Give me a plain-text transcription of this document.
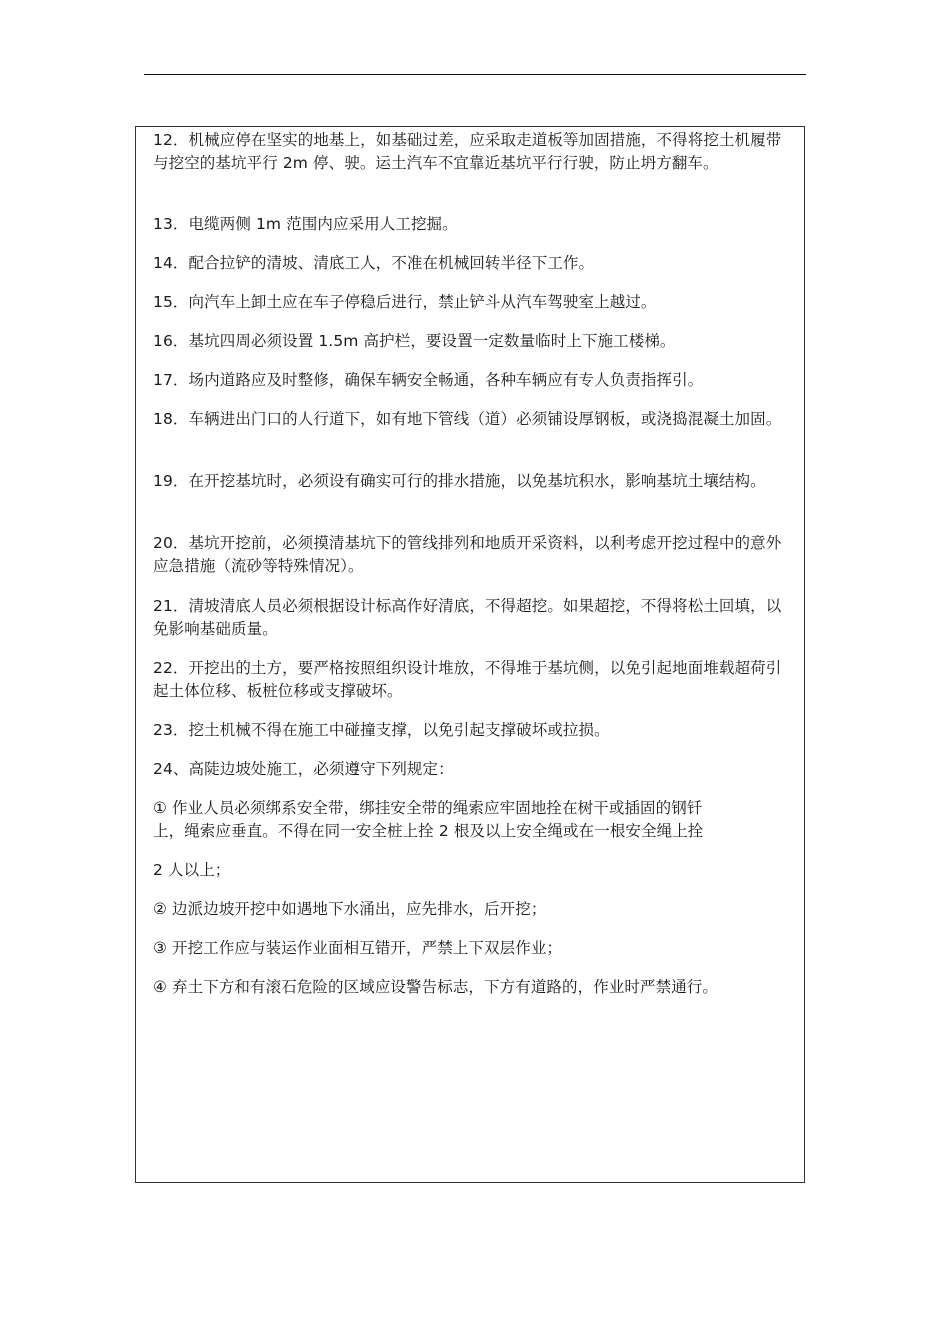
12．机械应停在坚实的地基上，如基础过差，应采取走道板等加固措施，不得将挖土机履带与挖空的基坑平行 2m 停、驶。运土汽车不宜靠近基坑平行行驶，防止坍方翻车。

13．电缆两侧 1m 范围内应采用人工挖掘。

14．配合拉铲的清坡、清底工人，不准在机械回转半径下工作。

15．向汽车上卸土应在车子停稳后进行，禁止铲斗从汽车驾驶室上越过。

16．基坑四周必须设置 1.5m 高护栏，要设置一定数量临时上下施工楼梯。

17．场内道路应及时整修，确保车辆安全畅通，各种车辆应有专人负责指挥引。

18．车辆进出门口的人行道下，如有地下管线（道）必须铺设厚钢板，或浇捣混凝土加固。

19．在开挖基坑时，必须设有确实可行的排水措施，以免基坑积水，影响基坑土壤结构。

20．基坑开挖前，必须摸清基坑下的管线排列和地质开采资料，以利考虑开挖过程中的意外应急措施（流砂等特殊情况）。

21．清坡清底人员必须根据设计标高作好清底，不得超挖。如果超挖，不得将松土回填，以免影响基础质量。

22．开挖出的土方，要严格按照组织设计堆放，不得堆于基坑侧，以免引起地面堆载超荷引起土体位移、板桩位移或支撑破坏。

23．挖土机械不得在施工中碰撞支撑，以免引起支撑破坏或拉损。

24、高陡边坡处施工，必须遵守下列规定：

① 作业人员必须绑系安全带，绑挂安全带的绳索应牢固地拴在树干或插固的钢钎
上，绳索应垂直。不得在同一安全桩上拴 2 根及以上安全绳或在一根安全绳上拴

2 人以上；

② 边派边坡开挖中如遇地下水涌出，应先排水，后开挖；

③ 开挖工作应与装运作业面相互错开，严禁上下双层作业；

④ 弃土下方和有滚石危险的区域应设警告标志，下方有道路的，作业时严禁通行。
